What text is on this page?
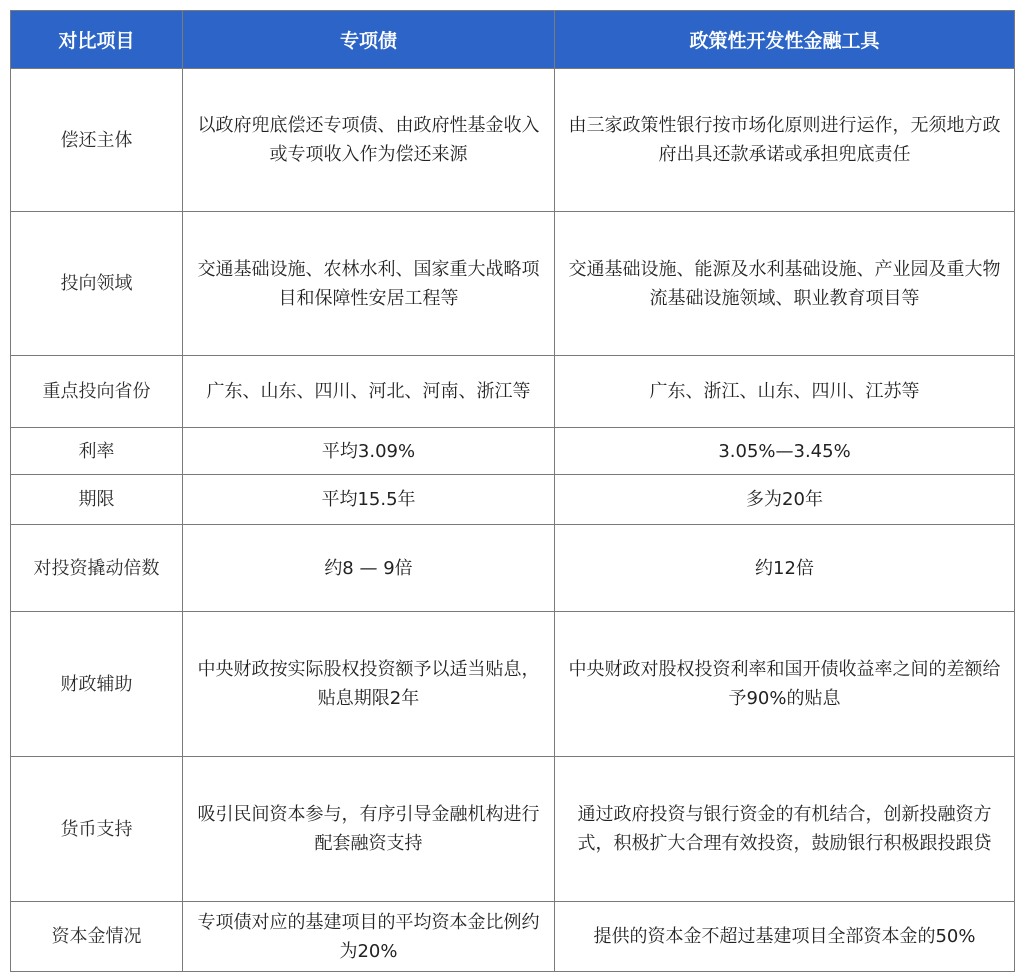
对比项目	专项债	政策性开发性金融工具
偿还主体	以政府兜底偿还专项债、由政府性基金收入或专项收入作为偿还来源	由三家政策性银行按市场化原则进行运作，无须地方政府出具还款承诺或承担兜底责任
投向领域	交通基础设施、农林水利、国家重大战略项目和保障性安居工程等	交通基础设施、能源及水利基础设施、产业园及重大物流基础设施领域、职业教育项目等
重点投向省份	广东、山东、四川、河北、河南、浙江等	广东、浙江、山东、四川、江苏等
利率	平均3.09%	3.05%—3.45%
期限	平均15.5年	多为20年
对投资撬动倍数	约8 — 9倍	约12倍
财政辅助	中央财政按实际股权投资额予以适当贴息，贴息期限2年	中央财政对股权投资利率和国开债收益率之间的差额给予90%的贴息
货币支持	吸引民间资本参与，有序引导金融机构进行配套融资支持	通过政府投资与银行资金的有机结合，创新投融资方式，积极扩大合理有效投资，鼓励银行积极跟投跟贷
资本金情况	专项债对应的基建项目的平均资本金比例约为20%	提供的资本金不超过基建项目全部资本金的50%
